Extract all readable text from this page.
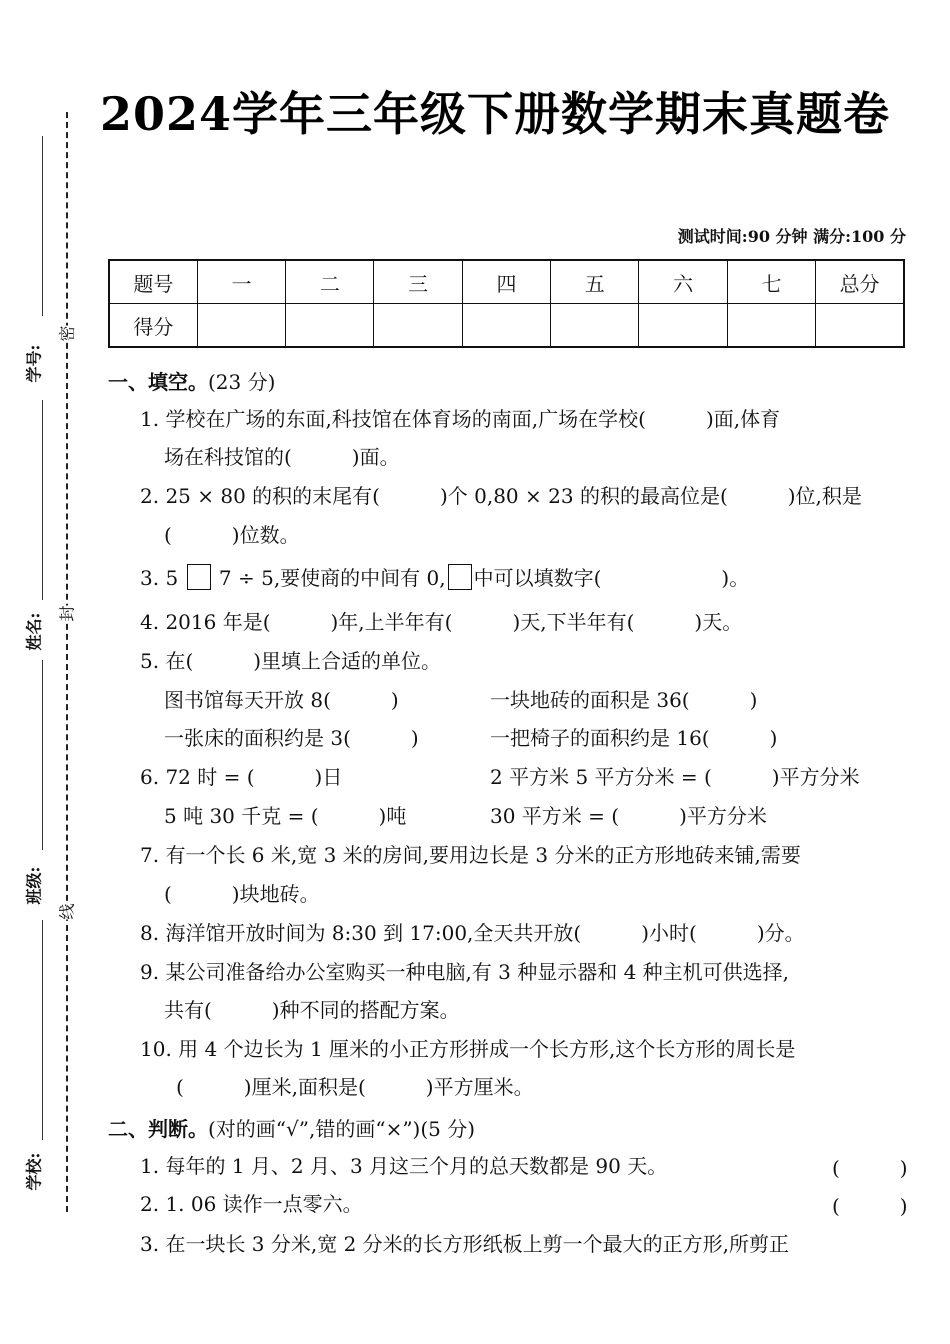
学号:
姓名:
班级:
学校:
密
封
线
2024学年三年级下册数学期末真题卷
测试时间:90 分钟 满分:100 分
题号	一	二	三	四	五	六	七	总分
得分								
一、填空。(23 分)
1. 学校在广场的东面,科技馆在体育场的南面,广场在学校(　　　)面,体育
场在科技馆的(　　　)面。
2. 25 × 80 的积的末尾有(　　　)个 0,80 × 23 的积的最高位是(　　　)位,积是
(　　　)位数。
3. 5 7 ÷ 5,要使商的中间有 0, 中可以填数字(　　　　　　)。
4. 2016 年是(　　　)年,上半年有(　　　)天,下半年有(　　　)天。
5. 在(　　　)里填上合适的单位。
图书馆每天开放 8(　　　)	一块地砖的面积是 36(　　　)
一张床的面积约是 3(　　　)	一把椅子的面积约是 16(　　　)
6. 72 时 = (　　　)日	2 平方米 5 平方分米 = (　　　)平方分米
5 吨 30 千克 = (　　　)吨	30 平方米 = (　　　)平方分米
7. 有一个长 6 米,宽 3 米的房间,要用边长是 3 分米的正方形地砖来铺,需要
(　　　)块地砖。
8. 海洋馆开放时间为 8:30 到 17:00,全天共开放(　　　)小时(　　　)分。
9. 某公司准备给办公室购买一种电脑,有 3 种显示器和 4 种主机可供选择,
共有(　　　)种不同的搭配方案。
10. 用 4 个边长为 1 厘米的小正方形拼成一个长方形,这个长方形的周长是
(　　　)厘米,面积是(　　　)平方厘米。
二、判断。(对的画“√”,错的画“×”)(5 分)
1. 每年的 1 月、2 月、3 月这三个月的总天数都是 90 天。	(　　　)
2. 1. 06 读作一点零六。	(　　　)
3. 在一块长 3 分米,宽 2 分米的长方形纸板上剪一个最大的正方形,所剪正
